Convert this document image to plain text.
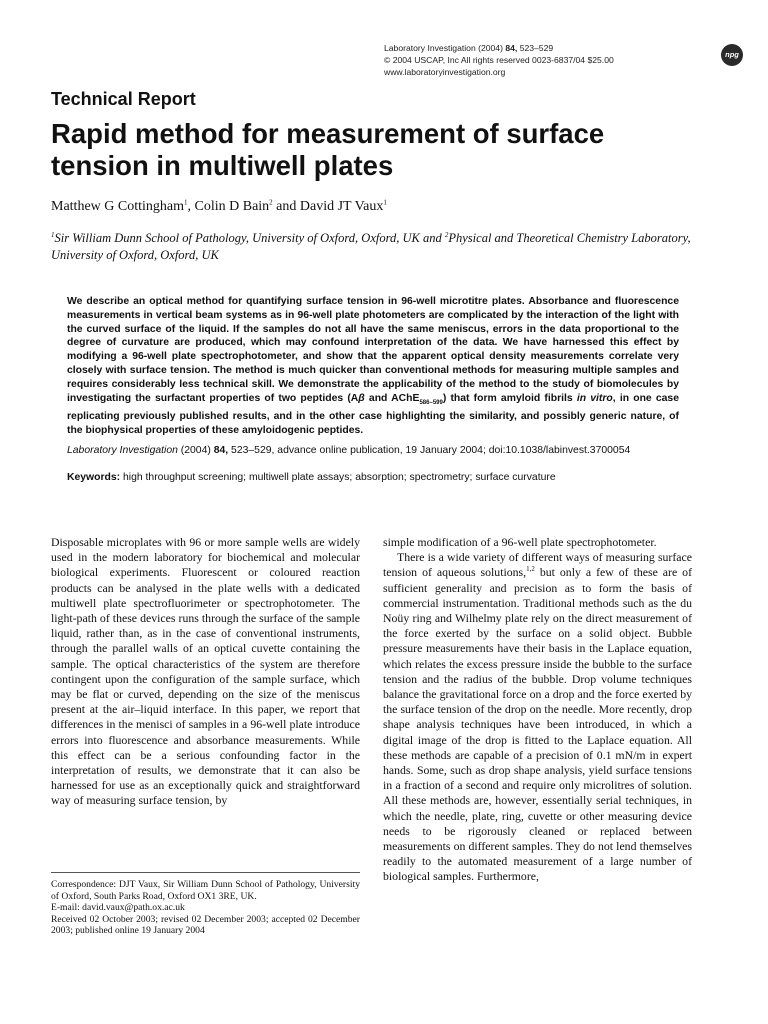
Laboratory Investigation (2004) 84, 523–529
© 2004 USCAP, Inc All rights reserved 0023-6837/04 $25.00
www.laboratoryinvestigation.org
npg
Technical Report
Rapid method for measurement of surface
tension in multiwell plates
Matthew G Cottingham$^1$, Colin D Bain$^2$ and David JT Vaux$^1$
$^1$Sir William Dunn School of Pathology, University of Oxford, Oxford, UK and $^2$Physical and Theoretical Chemistry Laboratory, University of Oxford, Oxford, UK
We describe an optical method for quantifying surface tension in 96-well microtitre plates. Absorbance and fluorescence measurements in vertical beam systems as in 96-well plate photometers are complicated by the interaction of the light with the curved surface of the liquid. If the samples do not all have the same meniscus, errors in the data proportional to the degree of curvature are produced, which may confound interpretation of the data. We have harnessed this effect by modifying a 96-well plate spectrophotometer, and show that the apparent optical density measurements correlate very closely with surface tension. The method is much quicker than conventional methods for measuring multiple samples and requires considerably less technical skill. We demonstrate the applicability of the method to the study of biomolecules by investigating the surfactant properties of two peptides (Aβ and AChE$_{586-599}$) that form amyloid fibrils in vitro, in one case replicating previously published results, and in the other case highlighting the similarity, and possibly generic nature, of the biophysical properties of these amyloidogenic peptides.
Laboratory Investigation (2004) 84, 523–529, advance online publication, 19 January 2004; doi:10.1038/labinvest.3700054
Keywords: high throughput screening; multiwell plate assays; absorption; spectrometry; surface curvature

Disposable microplates with 96 or more sample wells are widely used in the modern laboratory for biochemical and molecular biological experiments. Fluorescent or coloured reaction products can be analysed in the plate wells with a dedicated multiwell plate spectrofluorimeter or spectrophotometer. The light-path of these devices runs through the surface of the sample liquid, rather than, as in the case of conventional instruments, through the parallel walls of an optical cuvette containing the sample. The optical characteristics of the system are therefore contingent upon the configuration of the sample surface, which may be flat or curved, depending on the size of the meniscus present at the air–liquid interface. In this paper, we report that differences in the menisci of samples in a 96-well plate introduce errors into fluorescence and absorbance measurements. While this effect can be a serious confounding factor in the interpretation of results, we demonstrate that it can also be harnessed for use as an exceptionally quick and straightforward way of measuring surface tension, by

simple modification of a 96-well plate spectrophotometer.

There is a wide variety of different ways of measuring surface tension of aqueous solutions,$^{1,2}$ but only a few of these are of sufficient generality and precision as to form the basis of commercial instrumentation. Traditional methods such as the du Noüy ring and Wilhelmy plate rely on the direct measurement of the force exerted by the surface on a solid object. Bubble pressure measurements have their basis in the Laplace equation, which relates the excess pressure inside the bubble to the surface tension and the radius of the bubble. Drop volume techniques balance the gravitational force on a drop and the force exerted by the surface tension of the drop on the needle. More recently, drop shape analysis techniques have been introduced, in which a digital image of the drop is fitted to the Laplace equation. All these methods are capable of a precision of 0.1 mN/m in expert hands. Some, such as drop shape analysis, yield surface tensions in a fraction of a second and require only microlitres of solution. All these methods are, however, essentially serial techniques, in which the needle, plate, ring, cuvette or other measuring device needs to be rigorously cleaned or replaced between measurements on different samples. They do not lend themselves readily to the automated measurement of a large number of biological samples. Furthermore,

Correspondence: DJT Vaux, Sir William Dunn School of Pathology, University of Oxford, South Parks Road, Oxford OX1 3RE, UK.

E-mail: david.vaux@path.ox.ac.uk

Received 02 October 2003; revised 02 December 2003; accepted 02 December 2003; published online 19 January 2004
